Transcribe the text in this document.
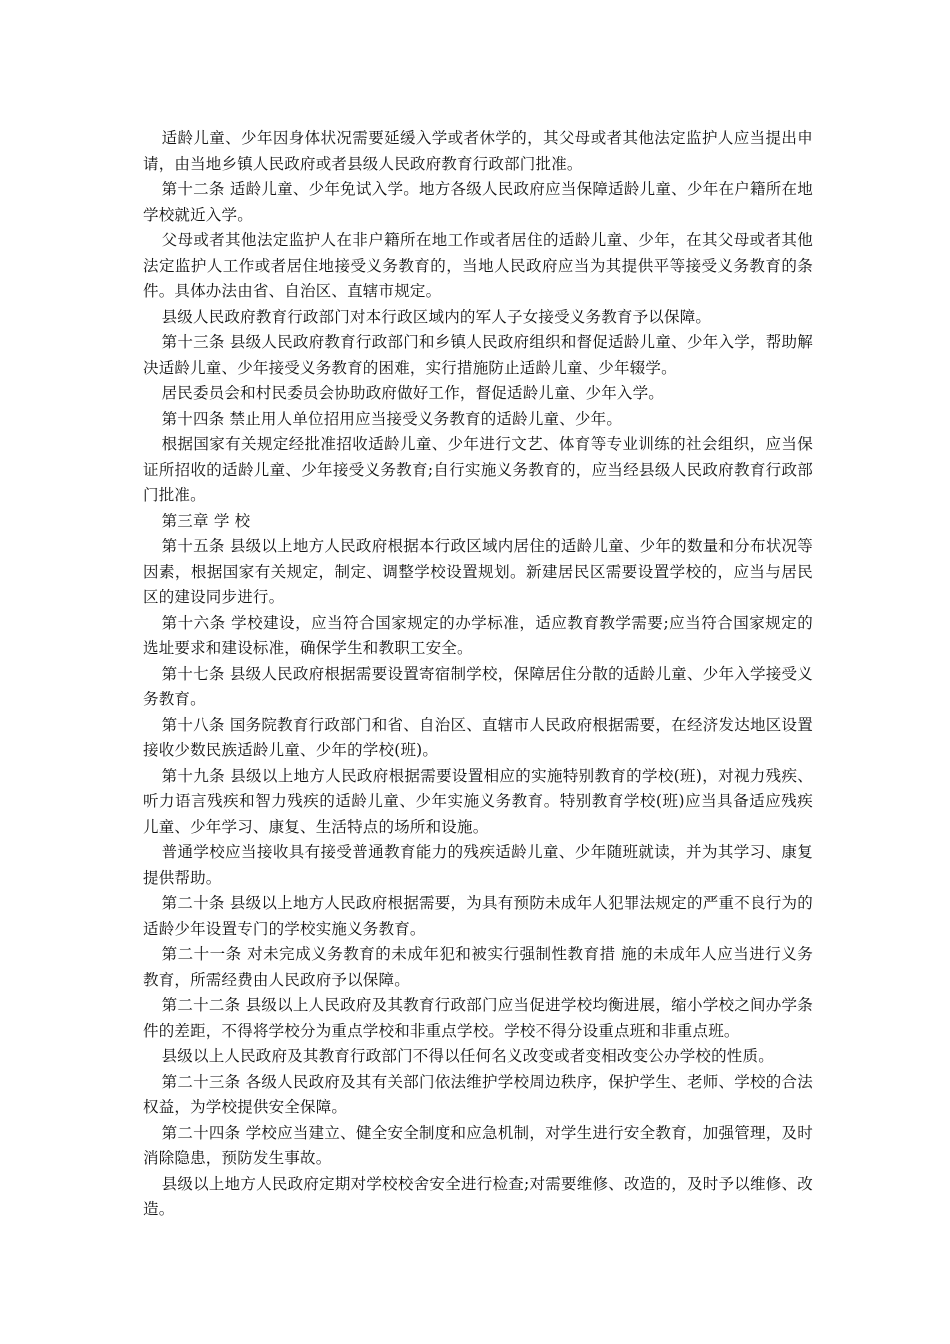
适龄儿童、少年因身体状况需要延缓入学或者休学的，其父母或者其他法定监护人应当提出申请，由当地乡镇人民政府或者县级人民政府教育行政部门批准。

第十二条 适龄儿童、少年免试入学。地方各级人民政府应当保障适龄儿童、少年在户籍所在地学校就近入学。

父母或者其他法定监护人在非户籍所在地工作或者居住的适龄儿童、少年，在其父母或者其他法定监护人工作或者居住地接受义务教育的，当地人民政府应当为其提供平等接受义务教育的条件。具体办法由省、自治区、直辖市规定。

县级人民政府教育行政部门对本行政区域内的军人子女接受义务教育予以保障。

第十三条 县级人民政府教育行政部门和乡镇人民政府组织和督促适龄儿童、少年入学，帮助解决适龄儿童、少年接受义务教育的困难，实行措施防止适龄儿童、少年辍学。

居民委员会和村民委员会协助政府做好工作，督促适龄儿童、少年入学。

第十四条 禁止用人单位招用应当接受义务教育的适龄儿童、少年。

根据国家有关规定经批准招收适龄儿童、少年进行文艺、体育等专业训练的社会组织，应当保证所招收的适龄儿童、少年接受义务教育;自行实施义务教育的，应当经县级人民政府教育行政部门批准。

第三章 学 校

第十五条 县级以上地方人民政府根据本行政区域内居住的适龄儿童、少年的数量和分布状况等因素，根据国家有关规定，制定、调整学校设置规划。新建居民区需要设置学校的，应当与居民区的建设同步进行。

第十六条 学校建设，应当符合国家规定的办学标准，适应教育教学需要;应当符合国家规定的选址要求和建设标准，确保学生和教职工安全。

第十七条 县级人民政府根据需要设置寄宿制学校，保障居住分散的适龄儿童、少年入学接受义务教育。

第十八条 国务院教育行政部门和省、自治区、直辖市人民政府根据需要，在经济发达地区设置接收少数民族适龄儿童、少年的学校(班)。

第十九条 县级以上地方人民政府根据需要设置相应的实施特别教育的学校(班)，对视力残疾、听力语言残疾和智力残疾的适龄儿童、少年实施义务教育。特别教育学校(班)应当具备适应残疾儿童、少年学习、康复、生活特点的场所和设施。

普通学校应当接收具有接受普通教育能力的残疾适龄儿童、少年随班就读，并为其学习、康复提供帮助。

第二十条 县级以上地方人民政府根据需要，为具有预防未成年人犯罪法规定的严重不良行为的适龄少年设置专门的学校实施义务教育。

第二十一条 对未完成义务教育的未成年犯和被实行强制性教育措 施的未成年人应当进行义务教育，所需经费由人民政府予以保障。

第二十二条 县级以上人民政府及其教育行政部门应当促进学校均衡进展，缩小学校之间办学条件的差距，不得将学校分为重点学校和非重点学校。学校不得分设重点班和非重点班。

县级以上人民政府及其教育行政部门不得以任何名义改变或者变相改变公办学校的性质。

第二十三条 各级人民政府及其有关部门依法维护学校周边秩序，保护学生、老师、学校的合法权益，为学校提供安全保障。

第二十四条 学校应当建立、健全安全制度和应急机制，对学生进行安全教育，加强管理，及时消除隐患，预防发生事故。

县级以上地方人民政府定期对学校校舍安全进行检查;对需要维修、改造的，及时予以维修、改造。
